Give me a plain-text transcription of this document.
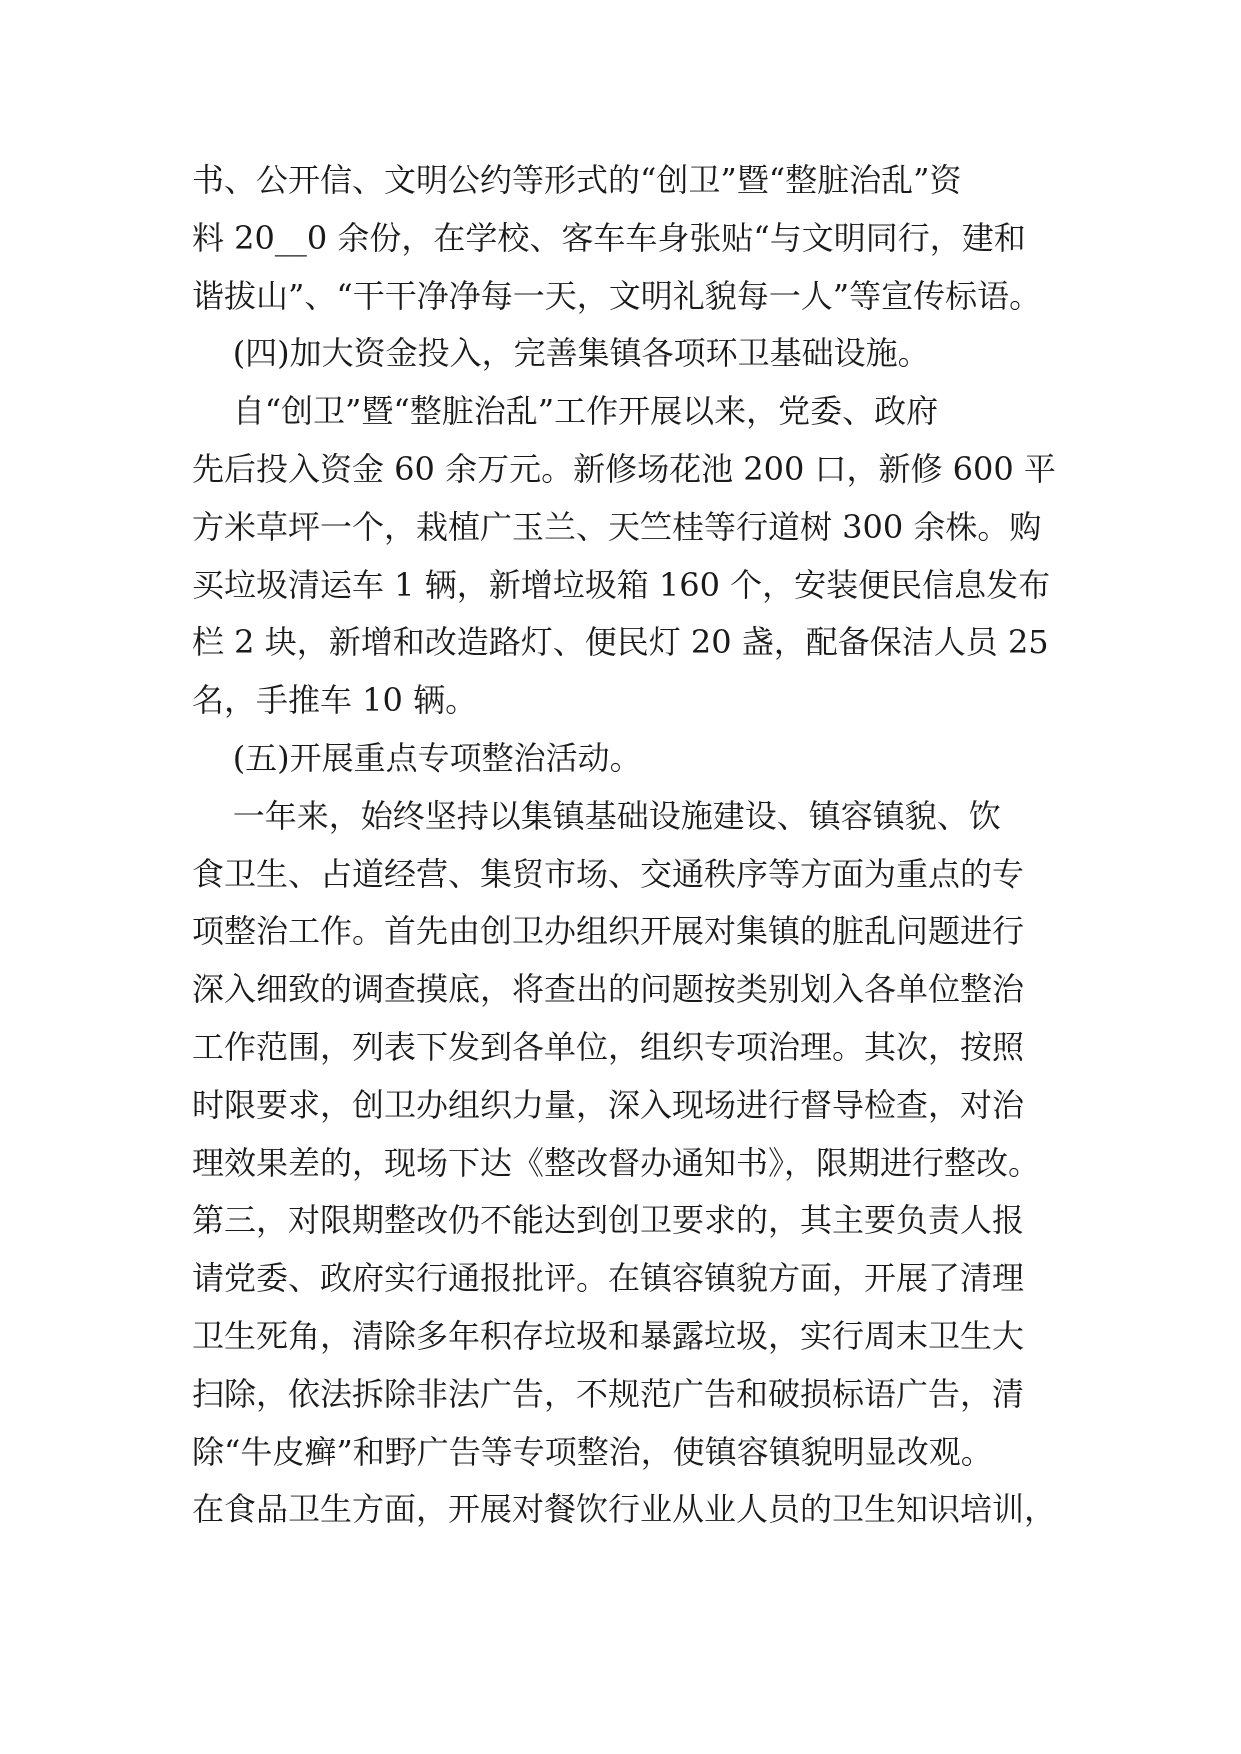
书、公开信、文明公约等形式的“创卫”暨“整脏治乱”资
料 20__0 余份，在学校、客车车身张贴“与文明同行，建和
谐拔山”、“干干净净每一天，文明礼貌每一人”等宣传标语。
(四)加大资金投入，完善集镇各项环卫基础设施。
自“创卫”暨“整脏治乱”工作开展以来，党委、政府
先后投入资金 60 余万元。新修场花池 200 口，新修 600 平
方米草坪一个，栽植广玉兰、天竺桂等行道树 300 余株。购
买垃圾清运车 1 辆，新增垃圾箱 160 个，安装便民信息发布
栏 2 块，新增和改造路灯、便民灯 20 盏，配备保洁人员 25
名，手推车 10 辆。
(五)开展重点专项整治活动。
一年来，始终坚持以集镇基础设施建设、镇容镇貌、饮
食卫生、占道经营、集贸市场、交通秩序等方面为重点的专
项整治工作。首先由创卫办组织开展对集镇的脏乱问题进行
深入细致的调查摸底，将查出的问题按类别划入各单位整治
工作范围，列表下发到各单位，组织专项治理。其次，按照
时限要求，创卫办组织力量，深入现场进行督导检查，对治
理效果差的，现场下达《整改督办通知书》，限期进行整改。
第三，对限期整改仍不能达到创卫要求的，其主要负责人报
请党委、政府实行通报批评。在镇容镇貌方面，开展了清理
卫生死角，清除多年积存垃圾和暴露垃圾，实行周末卫生大
扫除，依法拆除非法广告，不规范广告和破损标语广告，清
除“牛皮癣”和野广告等专项整治，使镇容镇貌明显改观。
在食品卫生方面，开展对餐饮行业从业人员的卫生知识培训，
